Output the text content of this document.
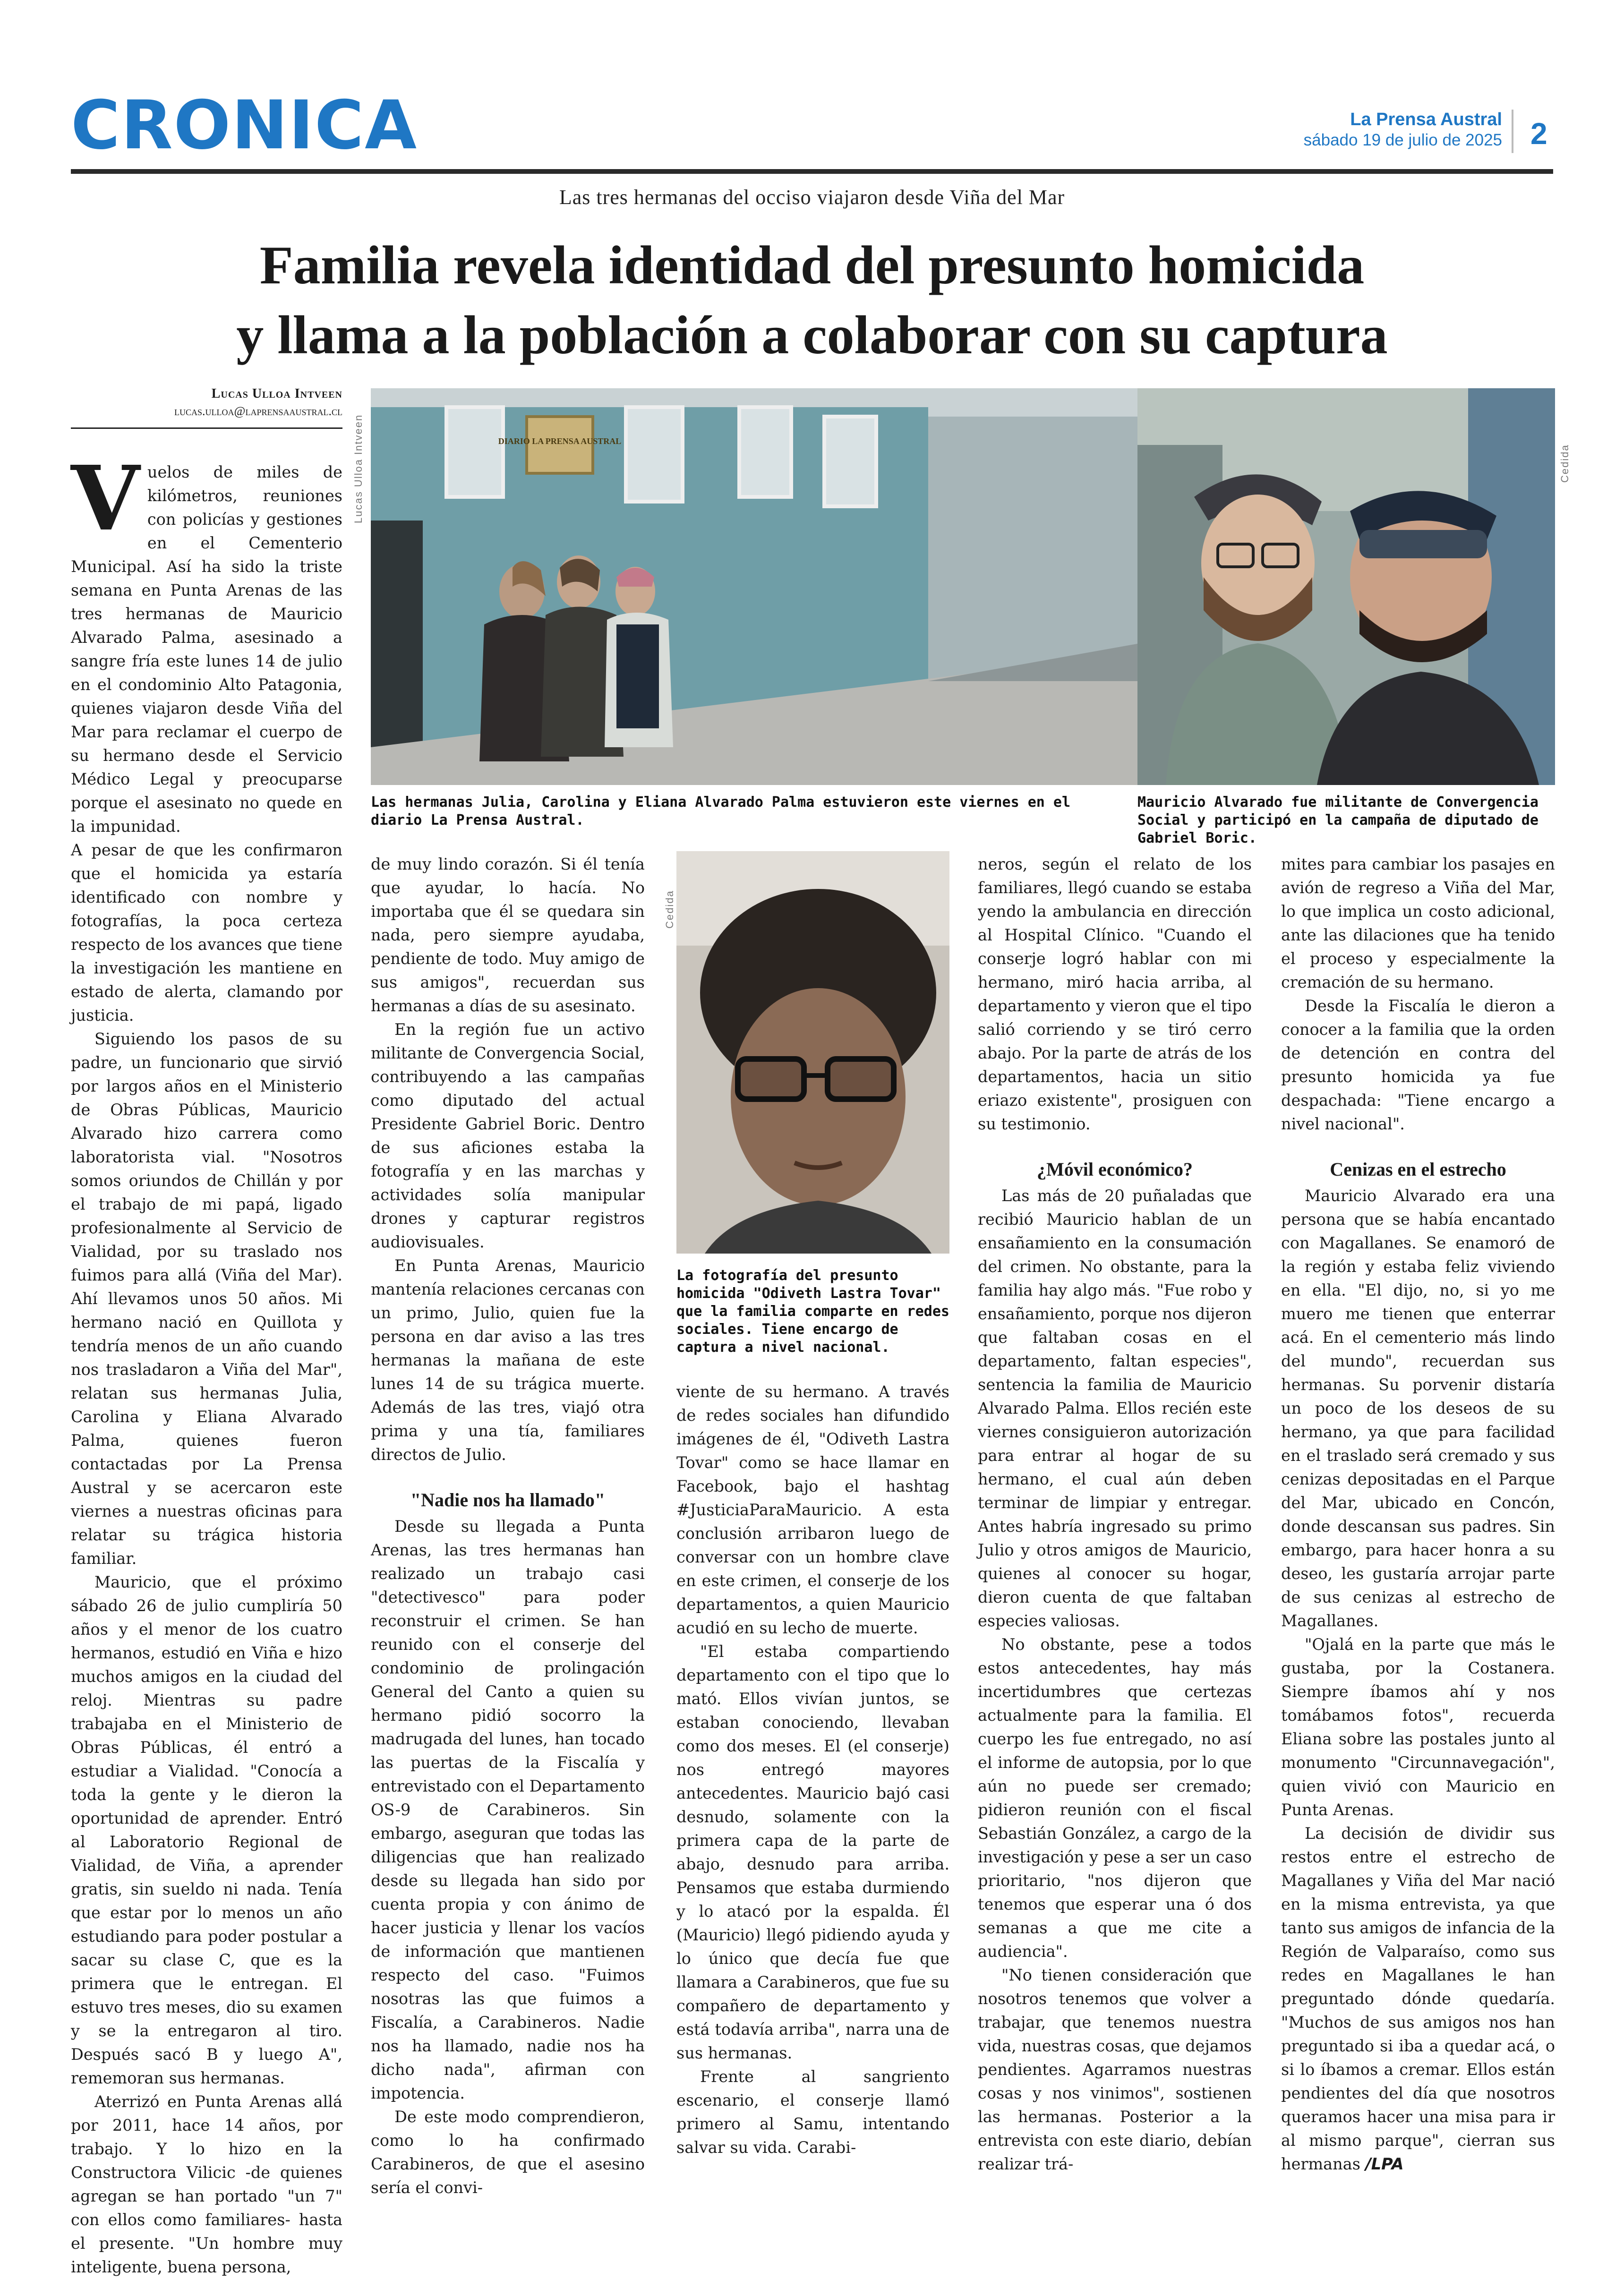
CRONICA	La Prensa Austral
sábado 19 de julio de 2025 2
Las tres hermanas del occiso viajaron desde Viña del Mar
Familia revela identidad del presunto homicida
y llama a la población a colaborar con su captura
Lucas Ulloa Intveen
lucas.ulloa@laprensaaustral.cl
Lucas Ulloa Intveen	DIARIO LA PRENSA AUSTRAL
Las hermanas Julia, Carolina y Eliana Alvarado Palma estuvieron este viernes en el diario La Prensa Austral.
Cedida
Mauricio Alvarado fue militante de Convergencia Social y participó en la campaña de diputado de Gabriel Boric.
Cedida
La fotografía del presunto homicida "Odiveth Lastra Tovar" que la familia comparte en redes sociales. Tiene encargo de captura a nivel nacional.

Vuelos de miles de kilómetros, reuniones con policías y gestiones en el Cementerio Municipal. Así ha sido la triste semana en Punta Arenas de las tres hermanas de Mauricio Alvarado Palma, asesinado a sangre fría este lunes 14 de julio en el condominio Alto Patagonia, quienes viajaron desde Viña del Mar para reclamar el cuerpo de su hermano desde el Servicio Médico Legal y preocuparse porque el asesinato no quede en la impunidad.

A pesar de que les confirmaron que el homicida ya estaría identificado con nombre y fotografías, la poca certeza respecto de los avances que tiene la investigación les mantiene en estado de alerta, clamando por justicia.

Siguiendo los pasos de su padre, un funcionario que sirvió por largos años en el Ministerio de Obras Públicas, Mauricio Alvarado hizo carrera como laboratorista vial. "Nosotros somos oriundos de Chillán y por el trabajo de mi papá, ligado profesionalmente al Servicio de Vialidad, por su traslado nos fuimos para allá (Viña del Mar). Ahí llevamos unos 50 años. Mi hermano nació en Quillota y tendría menos de un año cuando nos trasladaron a Viña del Mar", relatan sus hermanas Julia, Carolina y Eliana Alvarado Palma, quienes fueron contactadas por La Prensa Austral y se acercaron este viernes a nuestras oficinas para relatar su trágica historia familiar.

Mauricio, que el próximo sábado 26 de julio cumpliría 50 años y el menor de los cuatro hermanos, estudió en Viña e hizo muchos amigos en la ciudad del reloj. Mientras su padre trabajaba en el Ministerio de Obras Públicas, él entró a estudiar a Vialidad. "Conocía a toda la gente y le dieron la oportunidad de aprender. Entró al Laboratorio Regional de Vialidad, de Viña, a aprender gratis, sin sueldo ni nada. Tenía que estar por lo menos un año estudiando para poder postular a sacar su clase C, que es la primera que le entregan. El estuvo tres meses, dio su examen y se la entregaron al tiro. Después sacó B y luego A", rememoran sus hermanas.

Aterrizó en Punta Arenas allá por 2011, hace 14 años, por trabajo. Y lo hizo en la Constructora Vilicic -de quienes agregan se han portado "un 7" con ellos como familiares- hasta el presente. "Un hombre muy inteligente, buena persona,

de muy lindo corazón. Si él tenía que ayudar, lo hacía. No importaba que él se quedara sin nada, pero siempre ayudaba, pendiente de todo. Muy amigo de sus amigos", recuerdan sus hermanas a días de su asesinato.

En la región fue un activo militante de Convergencia Social, contribuyendo a las campañas como diputado del actual Presidente Gabriel Boric. Dentro de sus aficiones estaba la fotografía y en las marchas y actividades solía manipular drones y capturar registros audiovisuales.

En Punta Arenas, Mauricio mantenía relaciones cercanas con un primo, Julio, quien fue la persona en dar aviso a las tres hermanas la mañana de este lunes 14 de su trágica muerte. Además de las tres, viajó otra prima y una tía, familiares directos de Julio.

"Nadie nos ha llamado"

Desde su llegada a Punta Arenas, las tres hermanas han realizado un trabajo casi "detectivesco" para poder reconstruir el crimen. Se han reunido con el conserje del condominio de prolingación General del Canto a quien su hermano pidió socorro la madrugada del lunes, han tocado las puertas de la Fiscalía y entrevistado con el Departamento OS-9 de Carabineros. Sin embargo, aseguran que todas las diligencias que han realizado desde su llegada han sido por cuenta propia y con ánimo de hacer justicia y llenar los vacíos de información que mantienen respecto del caso. "Fuimos nosotras las que fuimos a Fiscalía, a Carabineros. Nadie nos ha llamado, nadie nos ha dicho nada", afirman con impotencia.

De este modo comprendieron, como lo ha confirmado Carabineros, de que el asesino sería el convi-

viente de su hermano. A través de redes sociales han difundido imágenes de él, "Odiveth Lastra Tovar" como se hace llamar en Facebook, bajo el hashtag #JusticiaParaMauricio. A esta conclusión arribaron luego de conversar con un hombre clave en este crimen, el conserje de los departamentos, a quien Mauricio acudió en su lecho de muerte.

"El estaba compartiendo departamento con el tipo que lo mató. Ellos vivían juntos, se estaban conociendo, llevaban como dos meses. El (el conserje) nos entregó mayores antecedentes. Mauricio bajó casi desnudo, solamente con la primera capa de la parte de abajo, desnudo para arriba. Pensamos que estaba durmiendo y lo atacó por la espalda. Él (Mauricio) llegó pidiendo ayuda y lo único que decía fue que llamara a Carabineros, que fue su compañero de departamento y está todavía arriba", narra una de sus hermanas.

Frente al sangriento escenario, el conserje llamó primero al Samu, intentando salvar su vida. Carabi-

neros, según el relato de los familiares, llegó cuando se estaba yendo la ambulancia en dirección al Hospital Clínico. "Cuando el conserje logró hablar con mi hermano, miró hacia arriba, al departamento y vieron que el tipo salió corriendo y se tiró cerro abajo. Por la parte de atrás de los departamentos, hacia un sitio eriazo existente", prosiguen con su testimonio.

¿Móvil económico?

Las más de 20 puñaladas que recibió Mauricio hablan de un ensañamiento en la consumación del crimen. No obstante, para la familia hay algo más. "Fue robo y ensañamiento, porque nos dijeron que faltaban cosas en el departamento, faltan especies", sentencia la familia de Mauricio Alvarado Palma. Ellos recién este viernes consiguieron autorización para entrar al hogar de su hermano, el cual aún deben terminar de limpiar y entregar. Antes habría ingresado su primo Julio y otros amigos de Mauricio, quienes al conocer su hogar, dieron cuenta de que faltaban especies valiosas.

No obstante, pese a todos estos antecedentes, hay más incertidumbres que certezas actualmente para la familia. El cuerpo les fue entregado, no así el informe de autopsia, por lo que aún no puede ser cremado; pidieron reunión con el fiscal Sebastián González, a cargo de la investigación y pese a ser un caso prioritario, "nos dijeron que tenemos que esperar una ó dos semanas a que me cite a audiencia".

"No tienen consideración que nosotros tenemos que volver a trabajar, que tenemos nuestra vida, nuestras cosas, que dejamos pendientes. Agarramos nuestras cosas y nos vinimos", sostienen las hermanas. Posterior a la entrevista con este diario, debían realizar trá-

mites para cambiar los pasajes en avión de regreso a Viña del Mar, lo que implica un costo adicional, ante las dilaciones que ha tenido el proceso y especialmente la cremación de su hermano.

Desde la Fiscalía le dieron a conocer a la familia que la orden de detención en contra del presunto homicida ya fue despachada: "Tiene encargo a nivel nacional".

Cenizas en el estrecho

Mauricio Alvarado era una persona que se había encantado con Magallanes. Se enamoró de la región y estaba feliz viviendo en ella. "El dijo, no, si yo me muero me tienen que enterrar acá. En el cementerio más lindo del mundo", recuerdan sus hermanas. Su porvenir distaría un poco de los deseos de su hermano, ya que para facilidad en el traslado será cremado y sus cenizas depositadas en el Parque del Mar, ubicado en Concón, donde descansan sus padres. Sin embargo, para hacer honra a su deseo, les gustaría arrojar parte de sus cenizas al estrecho de Magallanes.

"Ojalá en la parte que más le gustaba, por la Costanera. Siempre íbamos ahí y nos tomábamos fotos", recuerda Eliana sobre las postales junto al monumento "Circunnavegación", quien vivió con Mauricio en Punta Arenas.

La decisión de dividir sus restos entre el estrecho de Magallanes y Viña del Mar nació en la misma entrevista, ya que tanto sus amigos de infancia de la Región de Valparaíso, como sus redes en Magallanes le han preguntado dónde quedaría. "Muchos de sus amigos nos han preguntado si iba a quedar acá, o si lo íbamos a cremar. Ellos están pendientes del día que nosotros queramos hacer una misa para ir al mismo parque", cierran sus hermanas /LPA
